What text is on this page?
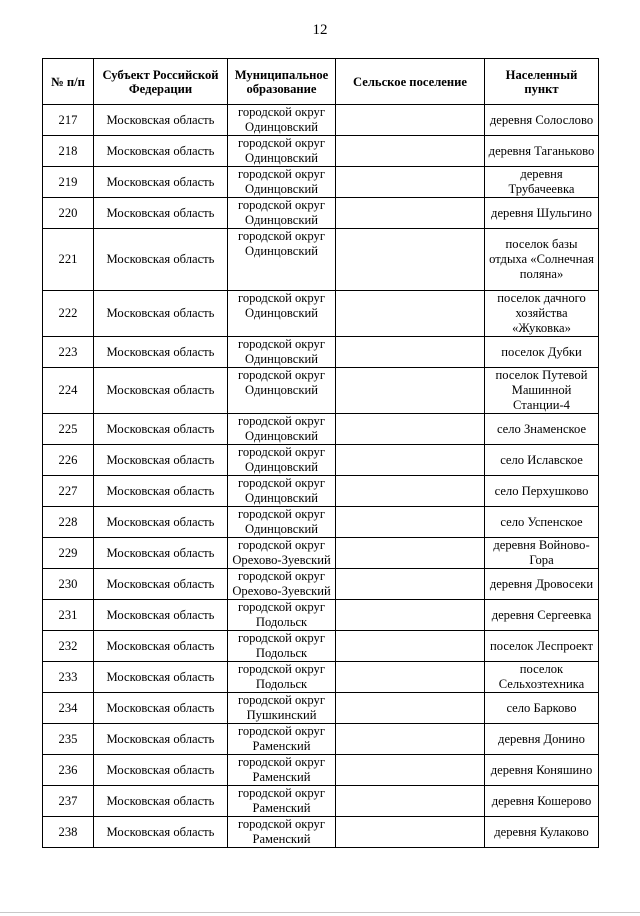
12
№ п/п	Субъект Российской Федерации	Муниципальное образование	Сельское поселение	Населенный пункт
217	Московская область	городской округ Одинцовский		деревня Солослово
218	Московская область	городской округ Одинцовский		деревня Таганьково
219	Московская область	городской округ Одинцовский		деревня Трубачеевка
220	Московская область	городской округ Одинцовский		деревня Шульгино
221	Московская область	городской округ Одинцовский		поселок базы отдыха «Солнечная поляна»
222	Московская область	городской округ Одинцовский		поселок дачного хозяйства «Жуковка»
223	Московская область	городской округ Одинцовский		поселок Дубки
224	Московская область	городской округ Одинцовский		поселок Путевой Машинной Станции-4
225	Московская область	городской округ Одинцовский		село Знаменское
226	Московская область	городской округ Одинцовский		село Иславское
227	Московская область	городской округ Одинцовский		село Перхушково
228	Московская область	городской округ Одинцовский		село Успенское
229	Московская область	городской округ Орехово-Зуевский		деревня Войново-Гора
230	Московская область	городской округ Орехово-Зуевский		деревня Дровосеки
231	Московская область	городской округ Подольск		деревня Сергеевка
232	Московская область	городской округ Подольск		поселок Леспроект
233	Московская область	городской округ Подольск		поселок Сельхозтехника
234	Московская область	городской округ Пушкинский		село Барково
235	Московская область	городской округ Раменский		деревня Донино
236	Московская область	городской округ Раменский		деревня Коняшино
237	Московская область	городской округ Раменский		деревня Кошерово
238	Московская область	городской округ Раменский		деревня Кулаково
